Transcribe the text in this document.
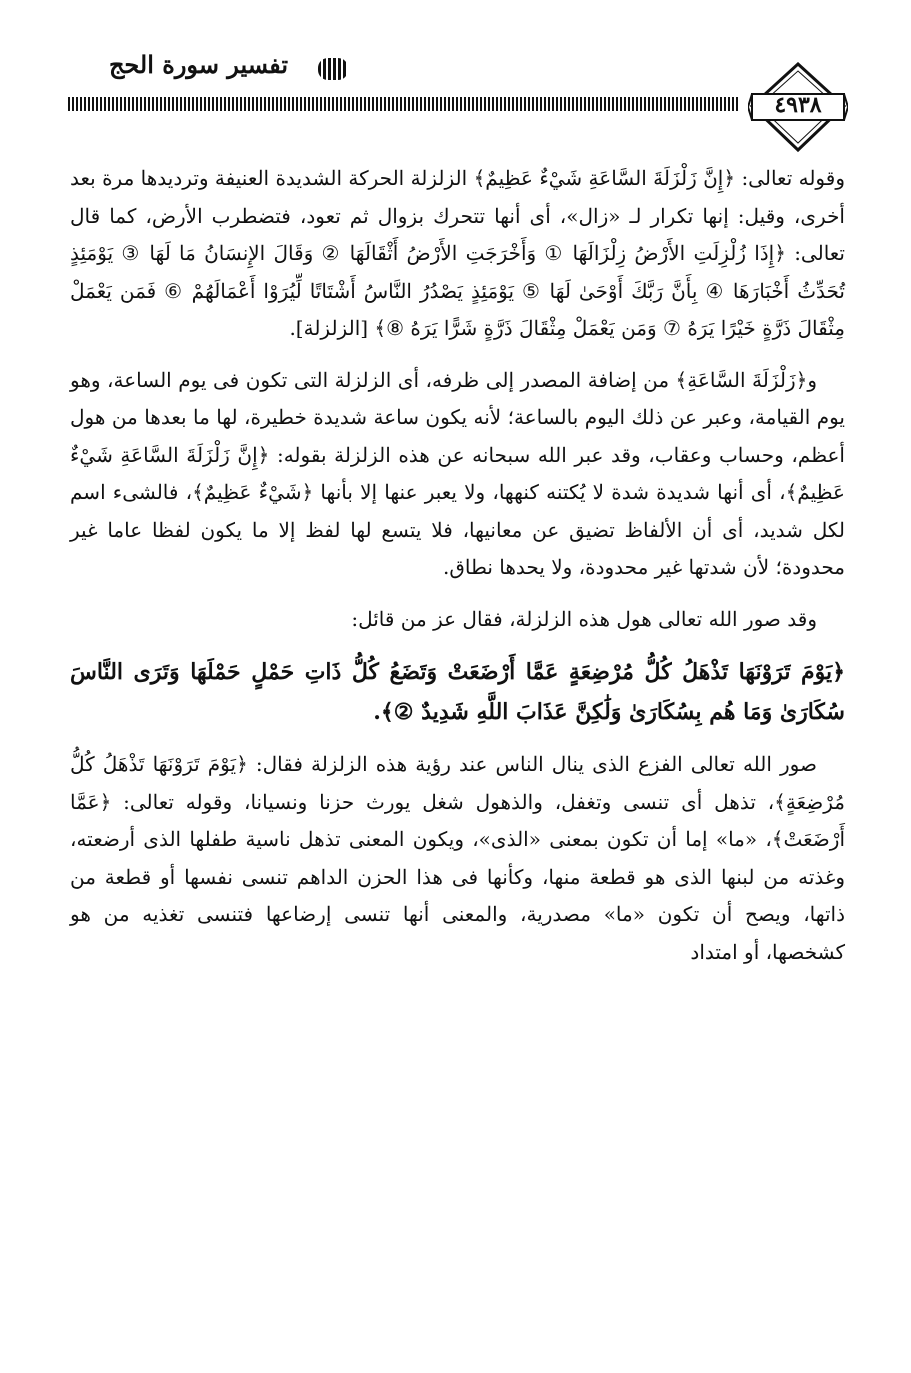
تفسير سورة الحج
٤٩٣٨

وقوله تعالى: ﴿إِنَّ زَلْزَلَةَ السَّاعَةِ شَيْءٌ عَظِيمٌ﴾ الزلزلة الحركة الشديدة العنيفة وترديدها مرة بعد أخرى، وقيل: إنها تكرار لـ «زال»، أى أنها تتحرك بزوال ثم تعود، فتضطرب الأرض، كما قال تعالى: ﴿إِذَا زُلْزِلَتِ الأَرْضُ زِلْزَالَهَا ① وَأَخْرَجَتِ الأَرْضُ أَثْقَالَهَا ② وَقَالَ الإِنسَانُ مَا لَهَا ③ يَوْمَئِذٍ تُحَدِّثُ أَخْبَارَهَا ④ بِأَنَّ رَبَّكَ أَوْحَىٰ لَهَا ⑤ يَوْمَئِذٍ يَصْدُرُ النَّاسُ أَشْتَاتًا لِّيُرَوْا أَعْمَالَهُمْ ⑥ فَمَن يَعْمَلْ مِثْقَالَ ذَرَّةٍ خَيْرًا يَرَهُ ⑦ وَمَن يَعْمَلْ مِثْقَالَ ذَرَّةٍ شَرًّا يَرَهُ ⑧﴾ [الزلزلة].

و﴿زَلْزَلَةَ السَّاعَةِ﴾ من إضافة المصدر إلى ظرفه، أى الزلزلة التى تكون فى يوم الساعة، وهو يوم القيامة، وعبر عن ذلك اليوم بالساعة؛ لأنه يكون ساعة شديدة خطيرة، لها ما بعدها من هول أعظم، وحساب وعقاب، وقد عبر الله سبحانه عن هذه الزلزلة بقوله: ﴿إِنَّ زَلْزَلَةَ السَّاعَةِ شَيْءٌ عَظِيمٌ﴾، أى أنها شديدة شدة لا يُكتنه كنهها، ولا يعبر عنها إلا بأنها ﴿شَيْءٌ عَظِيمٌ﴾، فالشىء اسم لكل شديد، أى أن الألفاظ تضيق عن معانيها، فلا يتسع لها لفظ إلا ما يكون لفظا عاما غير محدودة؛ لأن شدتها غير محدودة، ولا يحدها نطاق.

وقد صور الله تعالى هول هذه الزلزلة، فقال عز من قائل:

﴿يَوْمَ تَرَوْنَهَا تَذْهَلُ كُلُّ مُرْضِعَةٍ عَمَّا أَرْضَعَتْ وَتَضَعُ كُلُّ ذَاتِ حَمْلٍ حَمْلَهَا وَتَرَى النَّاسَ سُكَارَىٰ وَمَا هُم بِسُكَارَىٰ وَلَٰكِنَّ عَذَابَ اللَّهِ شَدِيدٌ ②﴾.

صور الله تعالى الفزع الذى ينال الناس عند رؤية هذه الزلزلة فقال: ﴿يَوْمَ تَرَوْنَهَا تَذْهَلُ كُلُّ مُرْضِعَةٍ﴾، تذهل أى تنسى وتغفل، والذهول شغل يورث حزنا ونسيانا، وقوله تعالى: ﴿عَمَّا أَرْضَعَتْ﴾، «ما» إما أن تكون بمعنى «الذى»، ويكون المعنى تذهل ناسية طفلها الذى أرضعته، وغذته من لبنها الذى هو قطعة منها، وكأنها فى هذا الحزن الداهم تنسى نفسها أو قطعة من ذاتها، ويصح أن تكون «ما» مصدرية، والمعنى أنها تنسى إرضاعها فتنسى تغذيه من هو كشخصها، أو امتداد
